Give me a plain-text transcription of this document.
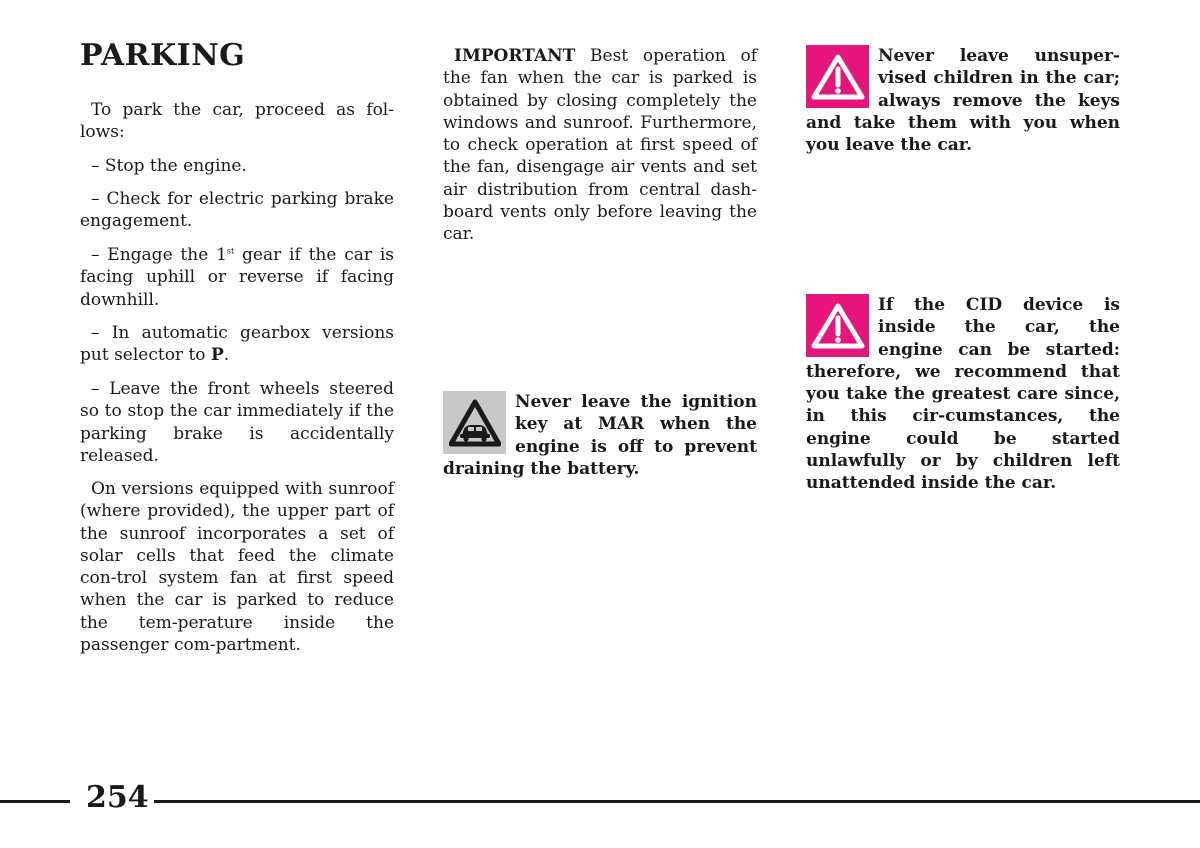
PARKING

To park the car, proceed as fol-lows:

– Stop the engine.

– Check for electric parking brake engagement.

– Engage the 1st gear if the car is facing uphill or reverse if facing downhill.

– In automatic gearbox versions put selector to P.

– Leave the front wheels steered so to stop the car immediately if the parking brake is accidentally released.

On versions equipped with sunroof (where provided), the upper part of the sunroof incorporates a set of solar cells that feed the climate con-trol system fan at first speed when the car is parked to reduce the tem-perature inside the passenger com-partment.

IMPORTANT Best operation of the fan when the car is parked is obtained by closing completely the windows and sunroof. Furthermore, to check operation at first speed of the fan, disengage air vents and set air distribution from central dash-board vents only before leaving the car.

Never leave the ignition key at MAR when the engine is off to prevent draining the battery.
Never leave unsuper-vised children in the car; always remove the keys and take them with you when you leave the car.
If the CID device is inside the car, the engine can be started: therefore, we recommend that you take the greatest care since, in this cir-cumstances, the engine could be started unlawfully or by children left unattended inside the car.
254
